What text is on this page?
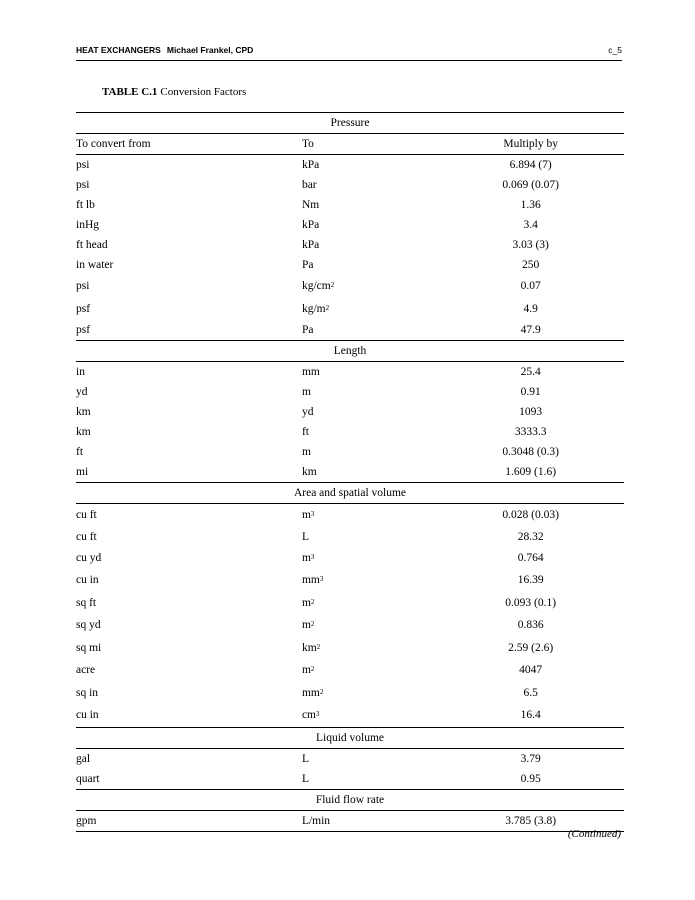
HEAT EXCHANGERS Michael Frankel, CPD	c_5
TABLE C.1 Conversion Factors
Pressure		
To convert from	To	Multiply by
psi	kPa	6.894 (7)
psi	bar	0.069 (0.07)
ft lb	Nm	1.36
inHg	kPa	3.4
ft head	kPa	3.03 (3)
in water	Pa	250
psi	$kg/cm^2$	0.07
psf	$kg/m^2$	4.9
psf	Pa	47.9
Length		
in	mm	25.4
yd	m	0.91
km	yd	1093
km	ft	3333.3
ft	m	0.3048 (0.3)
mi	km	1.609 (1.6)
Area and spatial volume		
cu ft	$m^3$	0.028 (0.03)
cu ft	L	28.32
cu yd	$m^3$	0.764
cu in	$mm^3$	16.39
sq ft	$m^2$	0.093 (0.1)
sq yd	$m^2$	0.836
sq mi	$km^2$	2.59 (2.6)
acre	$m^2$	4047
sq in	$mm^2$	6.5
cu in	$cm^3$	16.4
Liquid volume		
gal	L	3.79
quart	L	0.95
Fluid flow rate		
gpm	L/min	3.785 (3.8)
(Continued)
